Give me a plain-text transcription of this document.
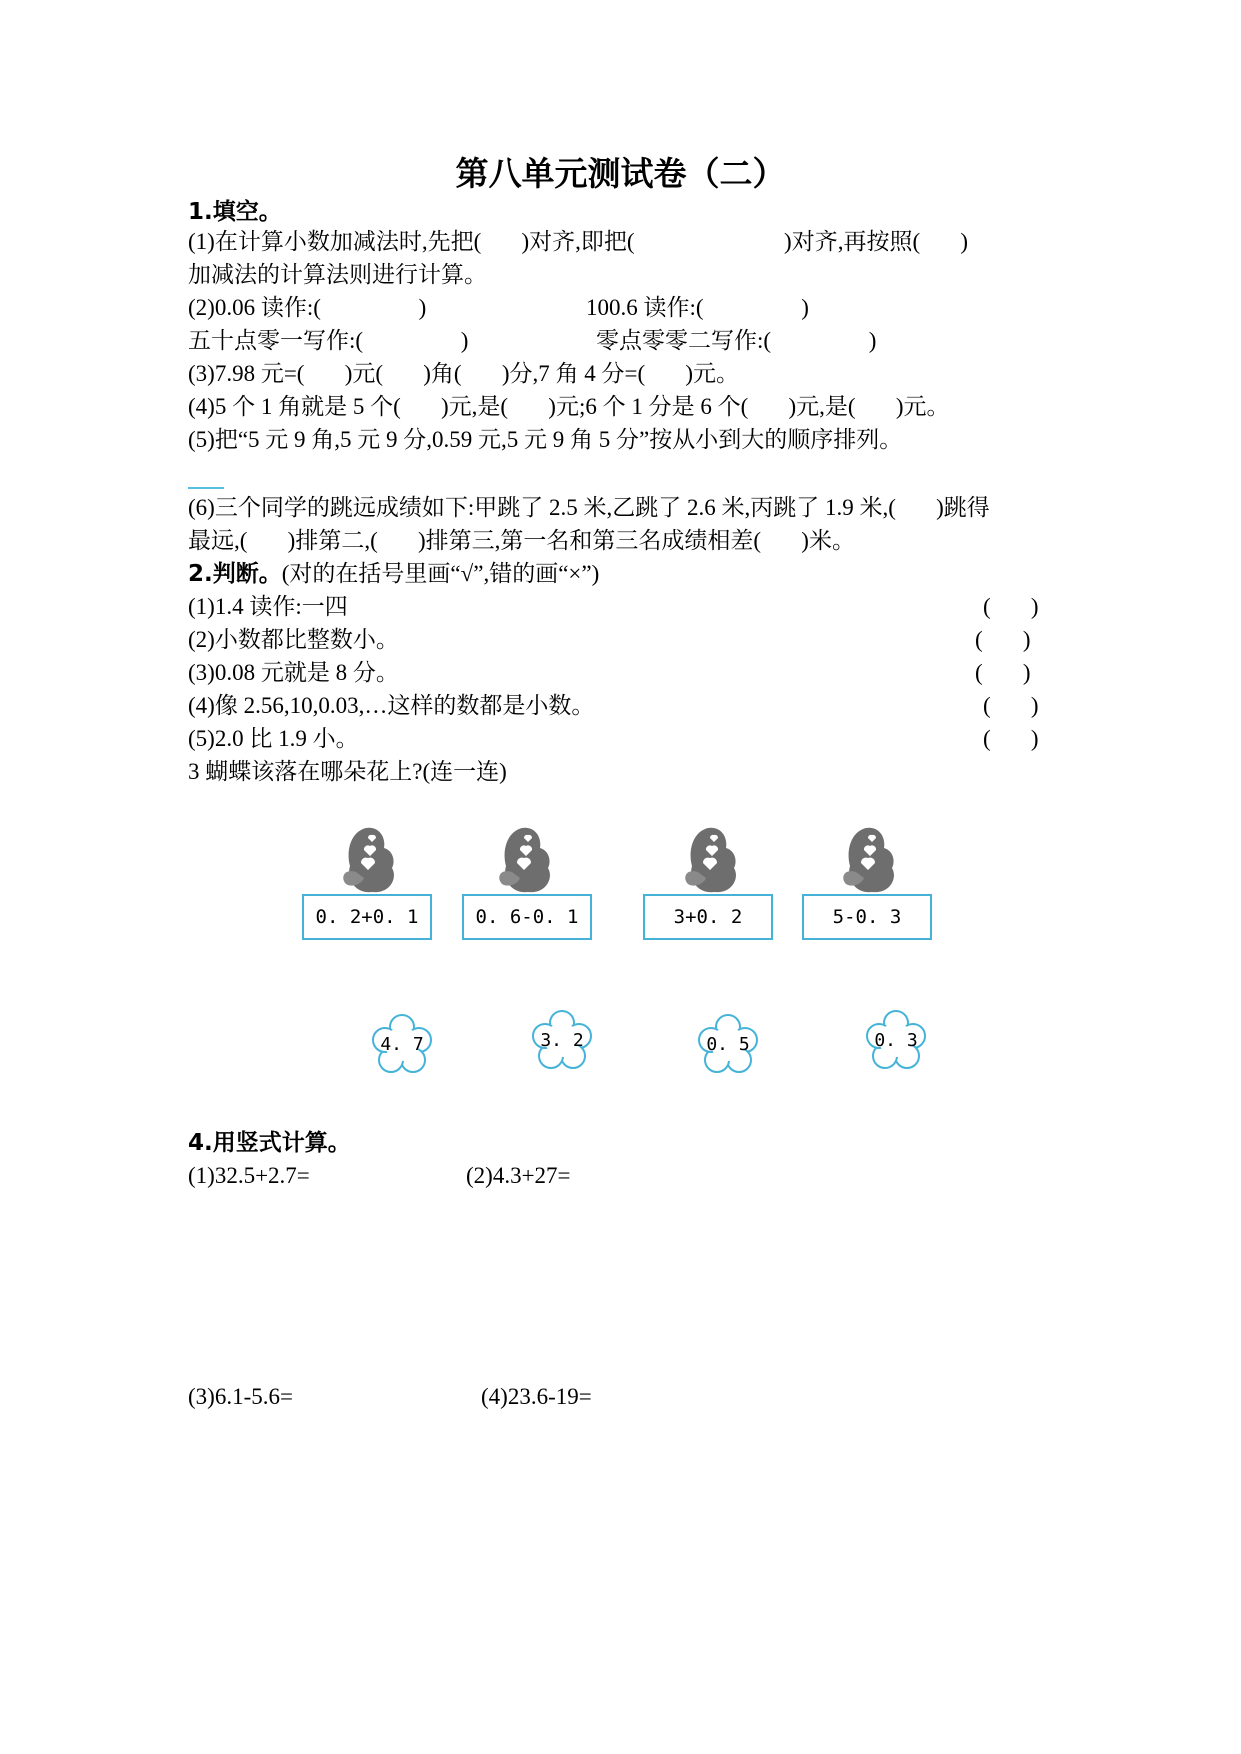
第八单元测试卷（二）
1.填空。
(1)在计算小数加减法时,先把(       )对齐,即把(                          )对齐,再按照(       )
加减法的计算法则进行计算。
(2)0.06 读作:(                 )	100.6 读作:(                 )
五十点零一写作:(                 )	零点零零二写作:(                 )
(3)7.98 元=(       )元(       )角(       )分,7 角 4 分=(       )元。
(4)5 个 1 角就是 5 个(       )元,是(       )元;6 个 1 分是 6 个(       )元,是(       )元。
(5)把“5 元 9 角,5 元 9 分,0.59 元,5 元 9 角 5 分”按从小到大的顺序排列。
(6)三个同学的跳远成绩如下:甲跳了 2.5 米,乙跳了 2.6 米,丙跳了 1.9 米,(       )跳得
最远,(       )排第二,(       )排第三,第一名和第三名成绩相差(       )米。
2.判断。(对的在括号里画“√”,错的画“×”)
(1)1.4 读作:一四	(       )
(2)小数都比整数小。	(       )
(3)0.08 元就是 8 分。	(       )
(4)像 2.56,10,0.03,…这样的数都是小数。	(       )
(5)2.0 比 1.9 小。	(       )
3 蝴蝶该落在哪朵花上?(连一连)
0. 2+0. 1	0. 6-0. 1	3+0. 2	5-0. 3
4. 7	3. 2	0. 5	0. 3
4.用竖式计算。
(1)32.5+2.7=	(2)4.3+27=
(3)6.1-5.6=	(4)23.6-19=
